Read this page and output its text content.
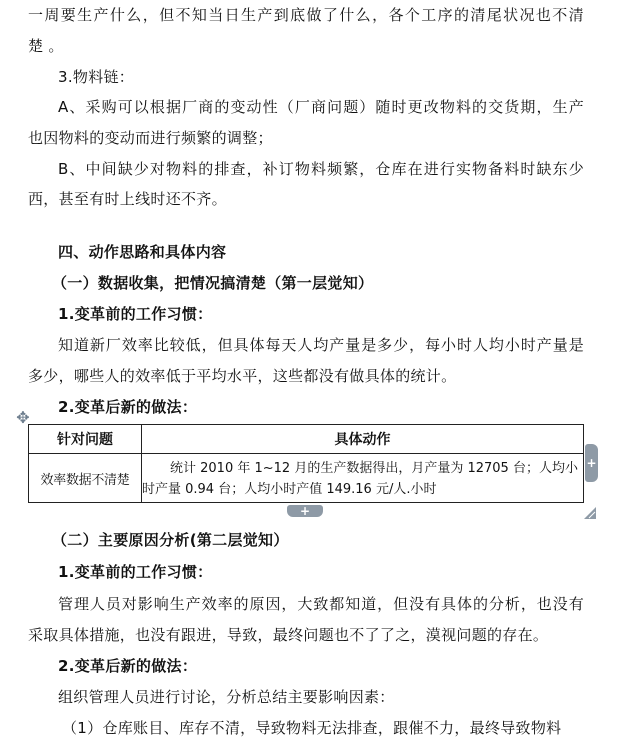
一周要生产什么，但不知当日生产到底做了什么，各个工序的清尾状况也不清
楚 。
3.物料链：
A、采购可以根据厂商的变动性（厂商问题）随时更改物料的交货期，生产
也因物料的变动而进行频繁的调整；
B、中间缺少对物料的排查，补订物料频繁，仓库在进行实物备料时缺东少
西，甚至有时上线时还不齐。
四、动作思路和具体内容
（一）数据收集，把情况搞清楚（第一层觉知）
1.变革前的工作习惯：
知道新厂效率比较低，但具体每天人均产量是多少，每小时人均小时产量是
多少，哪些人的效率低于平均水平，这些都没有做具体的统计。
2.变革后新的做法：
✥
针对问题	具体动作
效率数据不清楚	统计 2010 年 1~12 月的生产数据得出，月产量为 12705 台；人均小
时产量 0.94 台；人均小时产值 149.16 元/人.小时
+
+
（二）主要原因分析(第二层觉知）
1.变革前的工作习惯：
管理人员对影响生产效率的原因，大致都知道，但没有具体的分析，也没有
采取具体措施，也没有跟进，导致，最终问题也不了了之，漠视问题的存在。
2.变革后新的做法：
组织管理人员进行讨论，分析总结主要影响因素：
（1）仓库账目、库存不清，导致物料无法排查，跟催不力，最终导致物料
